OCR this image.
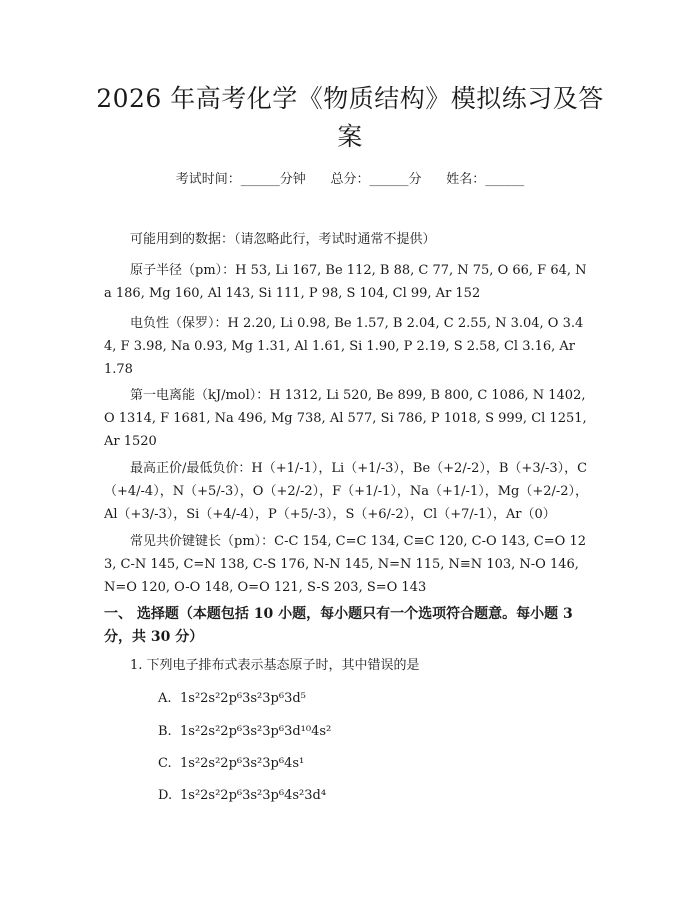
2026 年高考化学《物质结构》模拟练习及答案
考试时间：______分钟      总分：______分      姓名：______
可能用到的数据：（请忽略此行，考试时通常不提供）
原子半径（pm）：H 53, Li 167, Be 112, B 88, C 77, N 75, O 66, F 64, Na 186, Mg 160, Al 143, Si 111, P 98, S 104, Cl 99, Ar 152
电负性（保罗）：H 2.20, Li 0.98, Be 1.57, B 2.04, C 2.55, N 3.04, O 3.44, F 3.98, Na 0.93, Mg 1.31, Al 1.61, Si 1.90, P 2.19, S 2.58, Cl 3.16, Ar 1.78
第一电离能（kJ/mol）：H 1312, Li 520, Be 899, B 800, C 1086, N 1402, O 1314, F 1681, Na 496, Mg 738, Al 577, Si 786, P 1018, S 999, Cl 1251, Ar 1520
最高正价/最低负价：H（+1/-1），Li（+1/-3），Be（+2/-2），B（+3/-3），C（+4/-4），N（+5/-3），O（+2/-2），F（+1/-1），Na（+1/-1），Mg（+2/-2），Al（+3/-3），Si（+4/-4），P（+5/-3），S（+6/-2），Cl（+7/-1），Ar（0）
常见共价键键长（pm）：C-C 154, C=C 134, C≡C 120, C-O 143, C=O 123, C-N 145, C=N 138, C-S 176, N-N 145, N=N 115, N≡N 103, N-O 146, N=O 120, O-O 148, O=O 121, S-S 203, S=O 143
一、 选择题（本题包括 10 小题，每小题只有一个选项符合题意。每小题 3 分，共 30 分）
1. 下列电子排布式表示基态原子时，其中错误的是
A. 1s²2s²2p⁶3s²3p⁶3d⁵
B. 1s²2s²2p⁶3s²3p⁶3d¹⁰4s²
C. 1s²2s²2p⁶3s²3p⁶4s¹
D. 1s²2s²2p⁶3s²3p⁶4s²3d⁴
